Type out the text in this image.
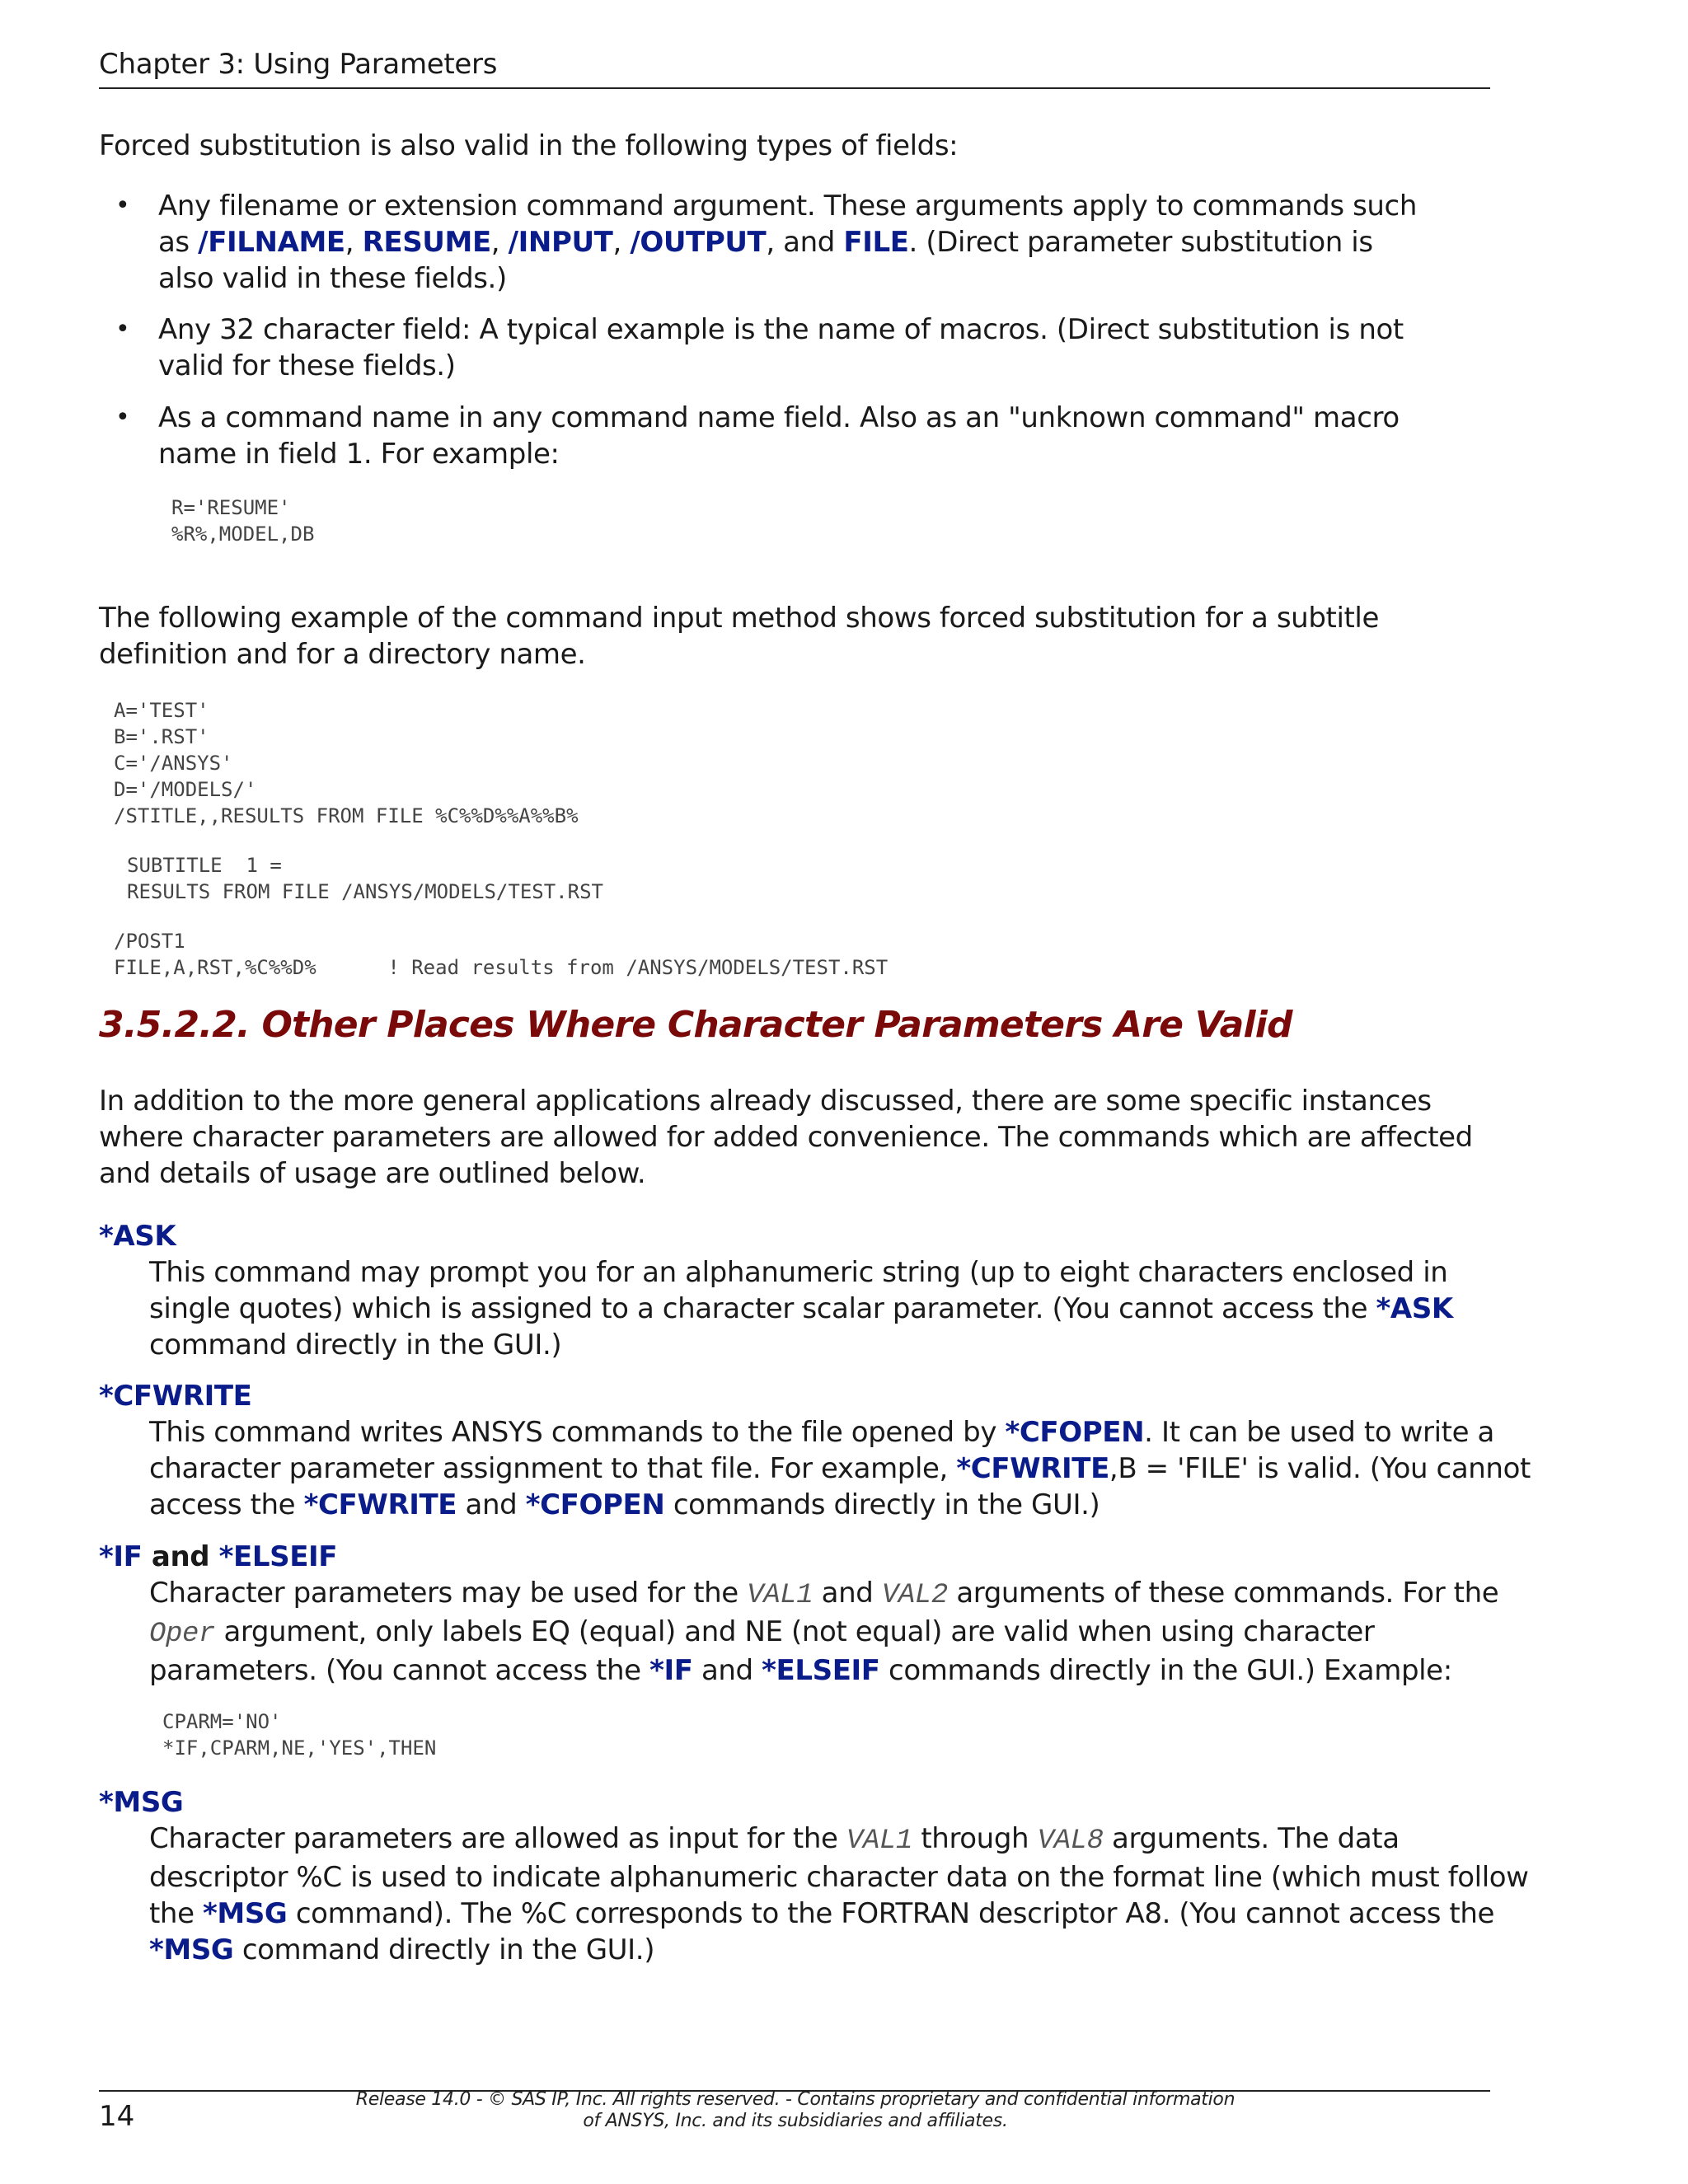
Chapter 3: Using Parameters
Forced substitution is also valid in the following types of fields:
• Any filename or extension command argument. These arguments apply to commands such as /FILNAME, RESUME, /INPUT, /OUTPUT, and FILE. (Direct parameter substitution is also valid in these fields.)
• Any 32 character field: A typical example is the name of macros. (Direct substitution is not valid for these fields.)
• As a command name in any command name field. Also as an "unknown command" macro name in field 1. For example:
R='RESUME'
%R%,MODEL,DB
The following example of the command input method shows forced substitution for a subtitle definition and for a directory name.
A='TEST'
B='.RST'
C='/ANSYS'
D='/MODELS/'
/STITLE,,RESULTS FROM FILE %C%%D%%A%%B%
SUBTITLE  1 =
RESULTS FROM FILE /ANSYS/MODELS/TEST.RST
/POST1
FILE,A,RST,%C%%D%      ! Read results from /ANSYS/MODELS/TEST.RST
3.5.2.2. Other Places Where Character Parameters Are Valid
In addition to the more general applications already discussed, there are some specific instances where character parameters are allowed for added convenience. The commands which are affected and details of usage are outlined below.
*ASK
This command may prompt you for an alphanumeric string (up to eight characters enclosed in single quotes) which is assigned to a character scalar parameter. (You cannot access the *ASK command directly in the GUI.)
*CFWRITE
This command writes ANSYS commands to the file opened by *CFOPEN. It can be used to write a character parameter assignment to that file. For example, *CFWRITE,B = 'FILE' is valid. (You cannot access the *CFWRITE and *CFOPEN commands directly in the GUI.)
*IF and *ELSEIF
Character parameters may be used for the VAL1 and VAL2 arguments of these commands. For the Oper argument, only labels EQ (equal) and NE (not equal) are valid when using character parameters. (You cannot access the *IF and *ELSEIF commands directly in the GUI.) Example:
CPARM='NO'
*IF,CPARM,NE,'YES',THEN
*MSG
Character parameters are allowed as input for the VAL1 through VAL8 arguments. The data descriptor %C is used to indicate alphanumeric character data on the format line (which must follow the *MSG command). The %C corresponds to the FORTRAN descriptor A8. (You cannot access the *MSG command directly in the GUI.)
14
Release 14.0 - © SAS IP, Inc. All rights reserved. - Contains proprietary and confidential information
of ANSYS, Inc. and its subsidiaries and affiliates.
